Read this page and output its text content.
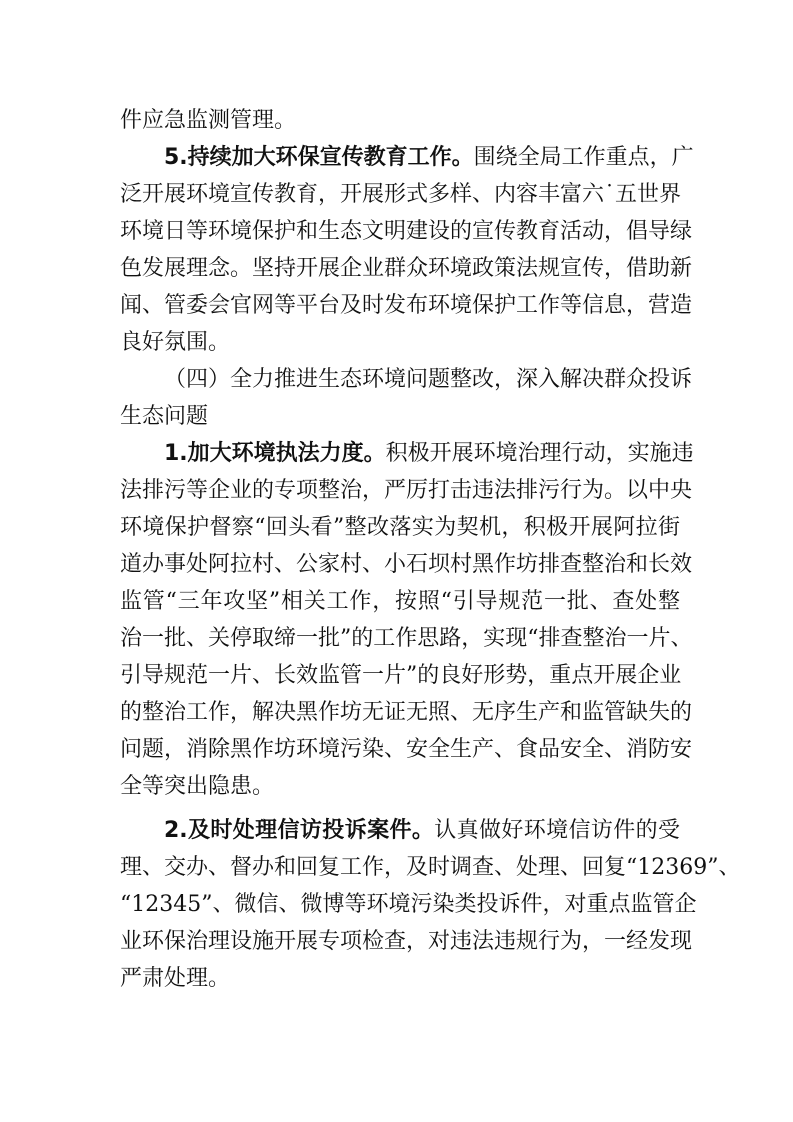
件应急监测管理。
5.持续加大环保宣传教育工作。围绕全局工作重点，广
泛开展环境宣传教育，开展形式多样、内容丰富六˙五世界
环境日等环境保护和生态文明建设的宣传教育活动，倡导绿
色发展理念。坚持开展企业群众环境政策法规宣传，借助新
闻、管委会官网等平台及时发布环境保护工作等信息，营造
良好氛围。
（四）全力推进生态环境问题整改，深入解决群众投诉
生态问题
1.加大环境执法力度。积极开展环境治理行动，实施违
法排污等企业的专项整治，严厉打击违法排污行为。以中央
环境保护督察“回头看”整改落实为契机，积极开展阿拉街
道办事处阿拉村、公家村、小石坝村黑作坊排查整治和长效
监管“三年攻坚”相关工作，按照“引导规范一批、查处整
治一批、关停取缔一批”的工作思路，实现“排查整治一片、
引导规范一片、长效监管一片”的良好形势，重点开展企业
的整治工作，解决黑作坊无证无照、无序生产和监管缺失的
问题，消除黑作坊环境污染、安全生产、食品安全、消防安
全等突出隐患。
2.及时处理信访投诉案件。认真做好环境信访件的受
理、交办、督办和回复工作，及时调查、处理、回复“12369”、
“12345”、微信、微博等环境污染类投诉件，对重点监管企
业环保治理设施开展专项检查，对违法违规行为，一经发现
严肃处理。
